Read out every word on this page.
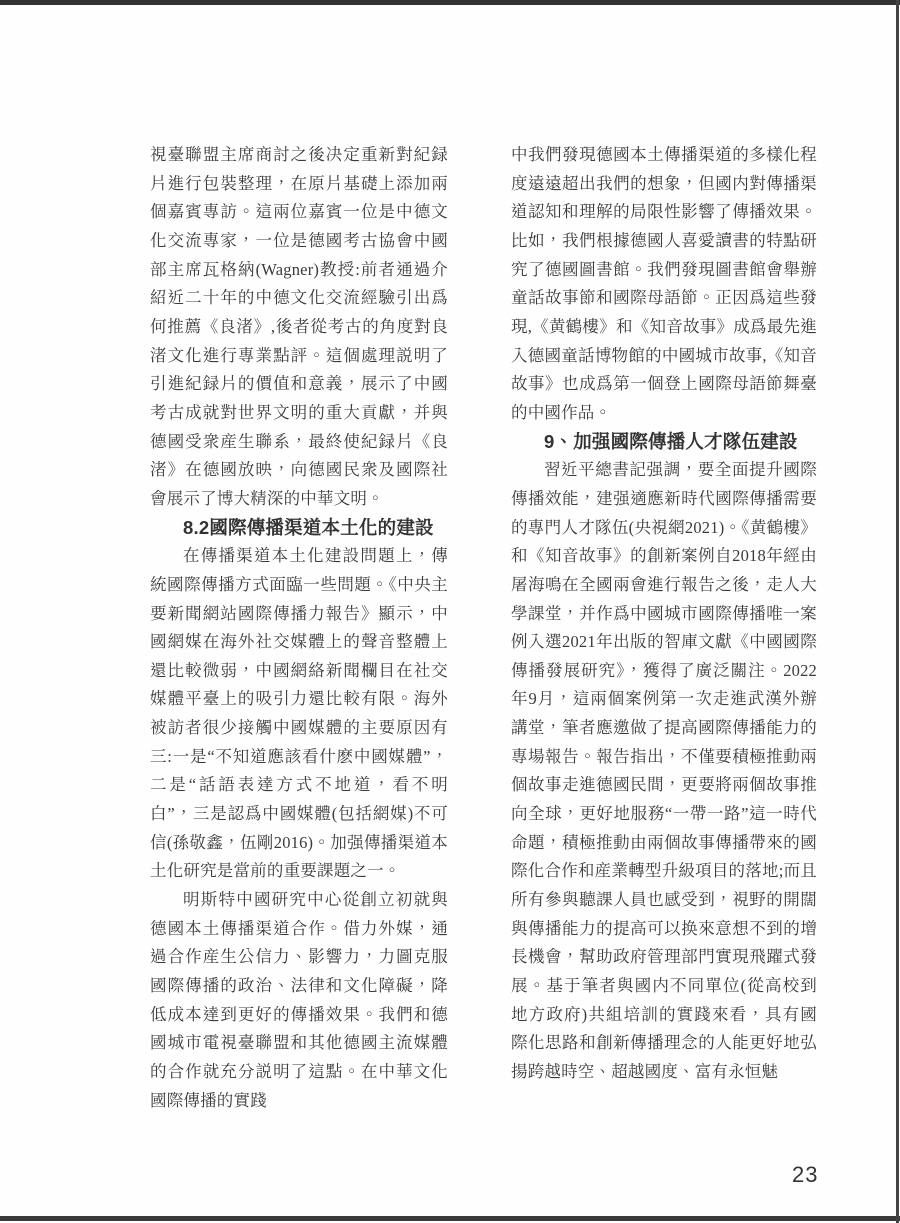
視臺聯盟主席商討之後决定重新對紀録片進行包裝整理，在原片基礎上添加兩個嘉賓專訪。這兩位嘉賓一位是中德文化交流專家，一位是德國考古協會中國部主席瓦格納(Wagner)教授:前者通過介紹近二十年的中德文化交流經驗引出爲何推薦《良渚》,後者從考古的角度對良渚文化進行專業點評。這個處理説明了引進紀録片的價值和意義，展示了中國考古成就對世界文明的重大貢獻，并與德國受衆産生聯系，最終使紀録片《良渚》在德國放映，向德國民衆及國際社會展示了博大精深的中華文明。
8.2國際傳播渠道本土化的建設
在傳播渠道本土化建設問題上，傳統國際傳播方式面臨一些問題。《中央主要新聞網站國際傳播力報告》顯示，中國網媒在海外社交媒體上的聲音整體上還比較微弱，中國網絡新聞欄目在社交媒體平臺上的吸引力還比較有限。海外被訪者很少接觸中國媒體的主要原因有三:一是“不知道應該看什麽中國媒體”，二是“話語表達方式不地道，看不明白”，三是認爲中國媒體(包括網媒)不可信(孫敬鑫，伍剛2016)。加强傳播渠道本土化研究是當前的重要課題之一。
明斯特中國研究中心從創立初就與德國本土傳播渠道合作。借力外媒，通過合作産生公信力、影響力，力圖克服國際傳播的政治、法律和文化障礙，降低成本達到更好的傳播效果。我們和德國城市電視臺聯盟和其他德國主流媒體的合作就充分説明了這點。在中華文化國際傳播的實踐
中我們發現德國本土傳播渠道的多樣化程度遠遠超出我們的想象，但國内對傳播渠道認知和理解的局限性影響了傳播效果。比如，我們根據德國人喜愛讀書的特點研究了德國圖書館。我們發現圖書館會舉辦童話故事節和國際母語節。正因爲這些發現,《黄鶴樓》和《知音故事》成爲最先進入德國童話博物館的中國城市故事,《知音故事》也成爲第一個登上國際母語節舞臺的中國作品。
9、加强國際傳播人才隊伍建設
習近平總書記强調，要全面提升國際傳播效能，建强適應新時代國際傳播需要的專門人才隊伍(央視網2021)。《黄鶴樓》和《知音故事》的創新案例自2018年經由屠海鳴在全國兩會進行報告之後，走人大學課堂，并作爲中國城市國際傳播唯一案例入選2021年出版的智庫文獻《中國國際傳播發展研究》，獲得了廣泛關注。2022年9月，這兩個案例第一次走進武漢外辦講堂，筆者應邀做了提高國際傳播能力的專場報告。報告指出，不僅要積極推動兩個故事走進德國民間，更要將兩個故事推向全球，更好地服務“一帶一路”這一時代命題，積極推動由兩個故事傳播帶來的國際化合作和産業轉型升級項目的落地;而且所有參與聽課人員也感受到，視野的開闊與傳播能力的提高可以换來意想不到的增長機會，幫助政府管理部門實現飛躍式發展。基于筆者與國内不同單位(從高校到地方政府)共組培訓的實踐來看，具有國際化思路和創新傳播理念的人能更好地弘揚跨越時空、超越國度、富有永恒魅
23
